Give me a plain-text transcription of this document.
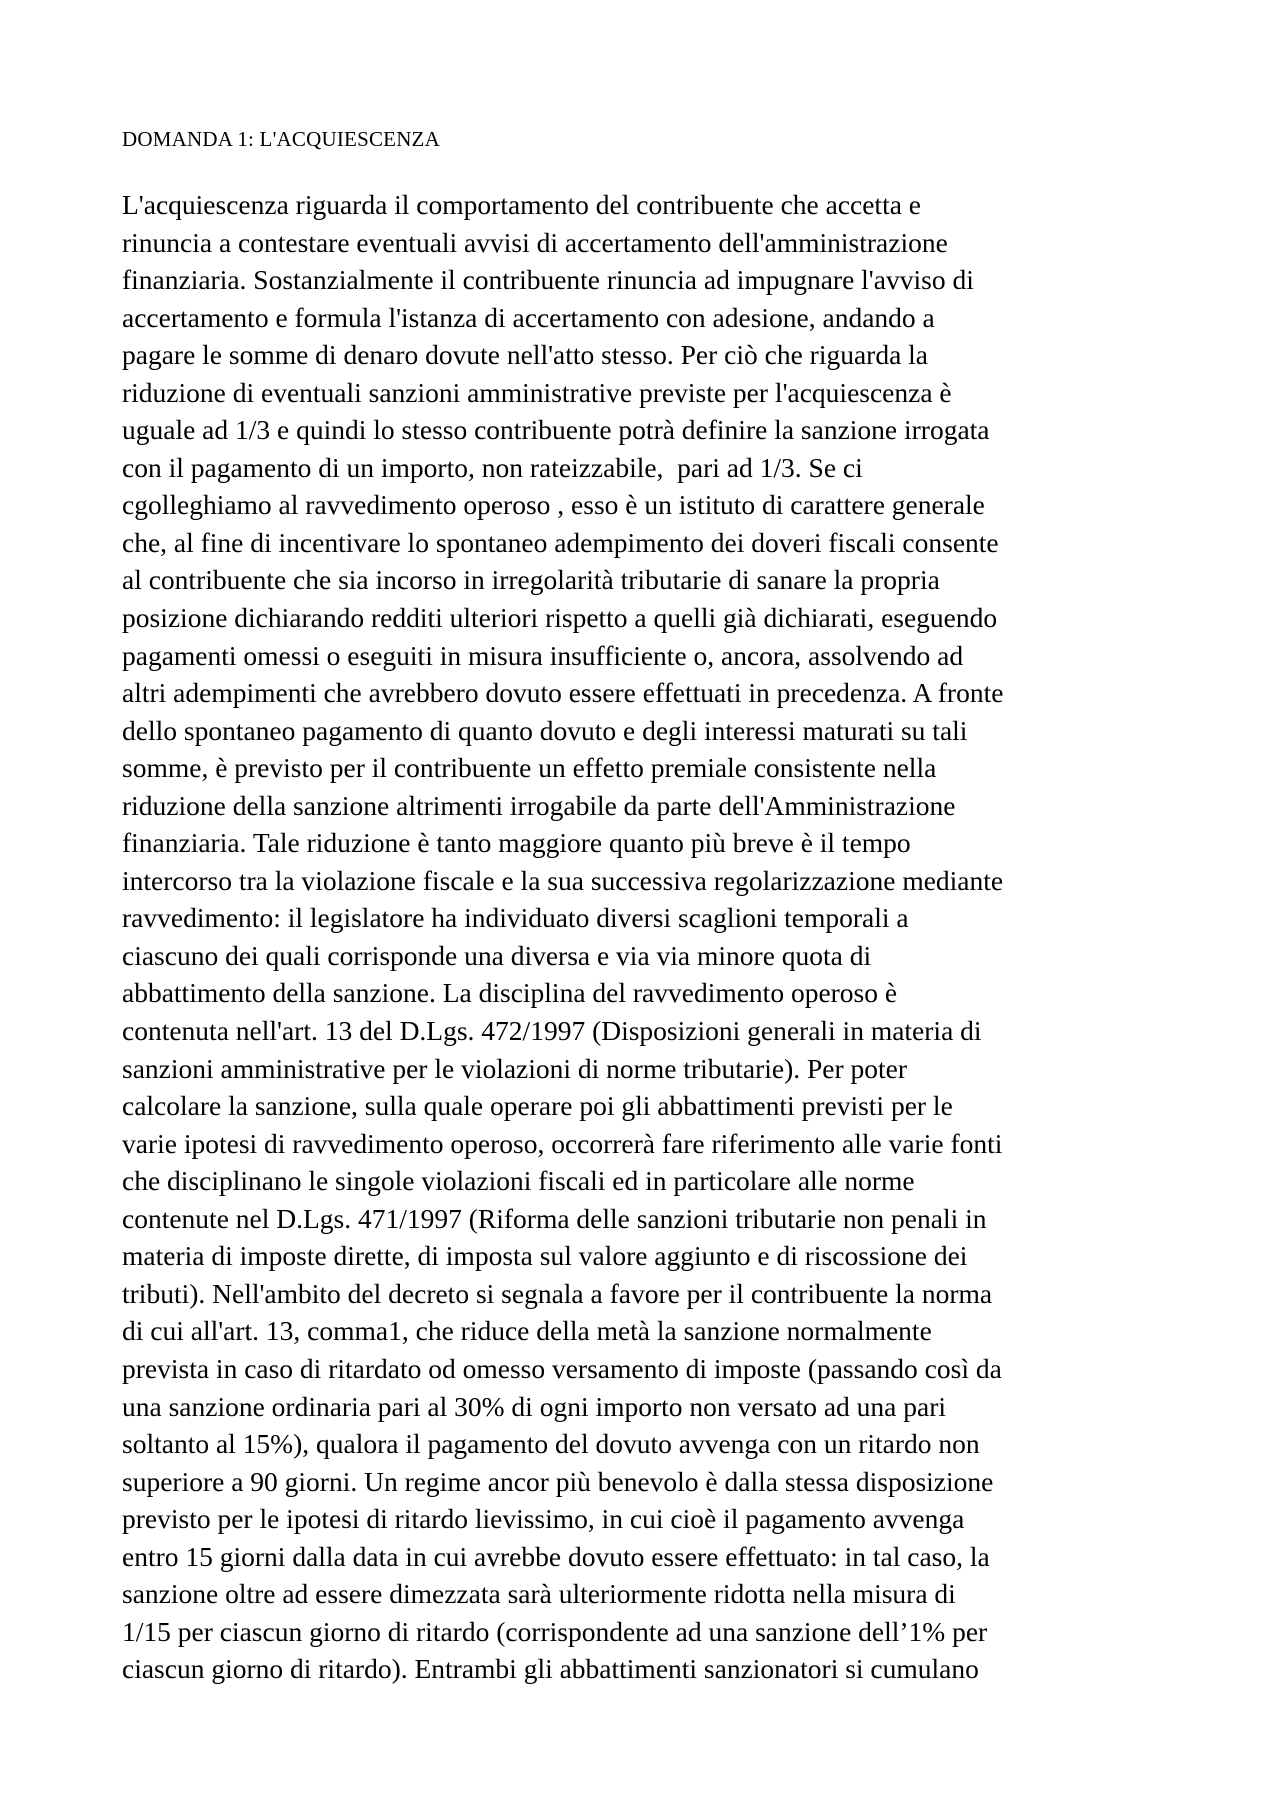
DOMANDA 1: L'ACQUIESCENZA
L'acquiescenza riguarda il comportamento del contribuente che accetta e
rinuncia a contestare eventuali avvisi di accertamento dell'amministrazione
finanziaria. Sostanzialmente il contribuente rinuncia ad impugnare l'avviso di
accertamento e formula l'istanza di accertamento con adesione, andando a
pagare le somme di denaro dovute nell'atto stesso. Per ciò che riguarda la
riduzione di eventuali sanzioni amministrative previste per l'acquiescenza è
uguale ad 1/3 e quindi lo stesso contribuente potrà definire la sanzione irrogata
con il pagamento di un importo, non rateizzabile,  pari ad 1/3. Se ci
cgolleghiamo al ravvedimento operoso , esso è un istituto di carattere generale
che, al fine di incentivare lo spontaneo adempimento dei doveri fiscali consente
al contribuente che sia incorso in irregolarità tributarie di sanare la propria
posizione dichiarando redditi ulteriori rispetto a quelli già dichiarati, eseguendo
pagamenti omessi o eseguiti in misura insufficiente o, ancora, assolvendo ad
altri adempimenti che avrebbero dovuto essere effettuati in precedenza. A fronte
dello spontaneo pagamento di quanto dovuto e degli interessi maturati su tali
somme, è previsto per il contribuente un effetto premiale consistente nella
riduzione della sanzione altrimenti irrogabile da parte dell'Amministrazione
finanziaria. Tale riduzione è tanto maggiore quanto più breve è il tempo
intercorso tra la violazione fiscale e la sua successiva regolarizzazione mediante
ravvedimento: il legislatore ha individuato diversi scaglioni temporali a
ciascuno dei quali corrisponde una diversa e via via minore quota di
abbattimento della sanzione. La disciplina del ravvedimento operoso è
contenuta nell'art. 13 del D.Lgs. 472/1997 (Disposizioni generali in materia di
sanzioni amministrative per le violazioni di norme tributarie). Per poter
calcolare la sanzione, sulla quale operare poi gli abbattimenti previsti per le
varie ipotesi di ravvedimento operoso, occorrerà fare riferimento alle varie fonti
che disciplinano le singole violazioni fiscali ed in particolare alle norme
contenute nel D.Lgs. 471/1997 (Riforma delle sanzioni tributarie non penali in
materia di imposte dirette, di imposta sul valore aggiunto e di riscossione dei
tributi). Nell'ambito del decreto si segnala a favore per il contribuente la norma
di cui all'art. 13, comma1, che riduce della metà la sanzione normalmente
prevista in caso di ritardato od omesso versamento di imposte (passando così da
una sanzione ordinaria pari al 30% di ogni importo non versato ad una pari
soltanto al 15%), qualora il pagamento del dovuto avvenga con un ritardo non
superiore a 90 giorni. Un regime ancor più benevolo è dalla stessa disposizione
previsto per le ipotesi di ritardo lievissimo, in cui cioè il pagamento avvenga
entro 15 giorni dalla data in cui avrebbe dovuto essere effettuato: in tal caso, la
sanzione oltre ad essere dimezzata sarà ulteriormente ridotta nella misura di
1/15 per ciascun giorno di ritardo (corrispondente ad una sanzione dell’1% per
ciascun giorno di ritardo). Entrambi gli abbattimenti sanzionatori si cumulano
